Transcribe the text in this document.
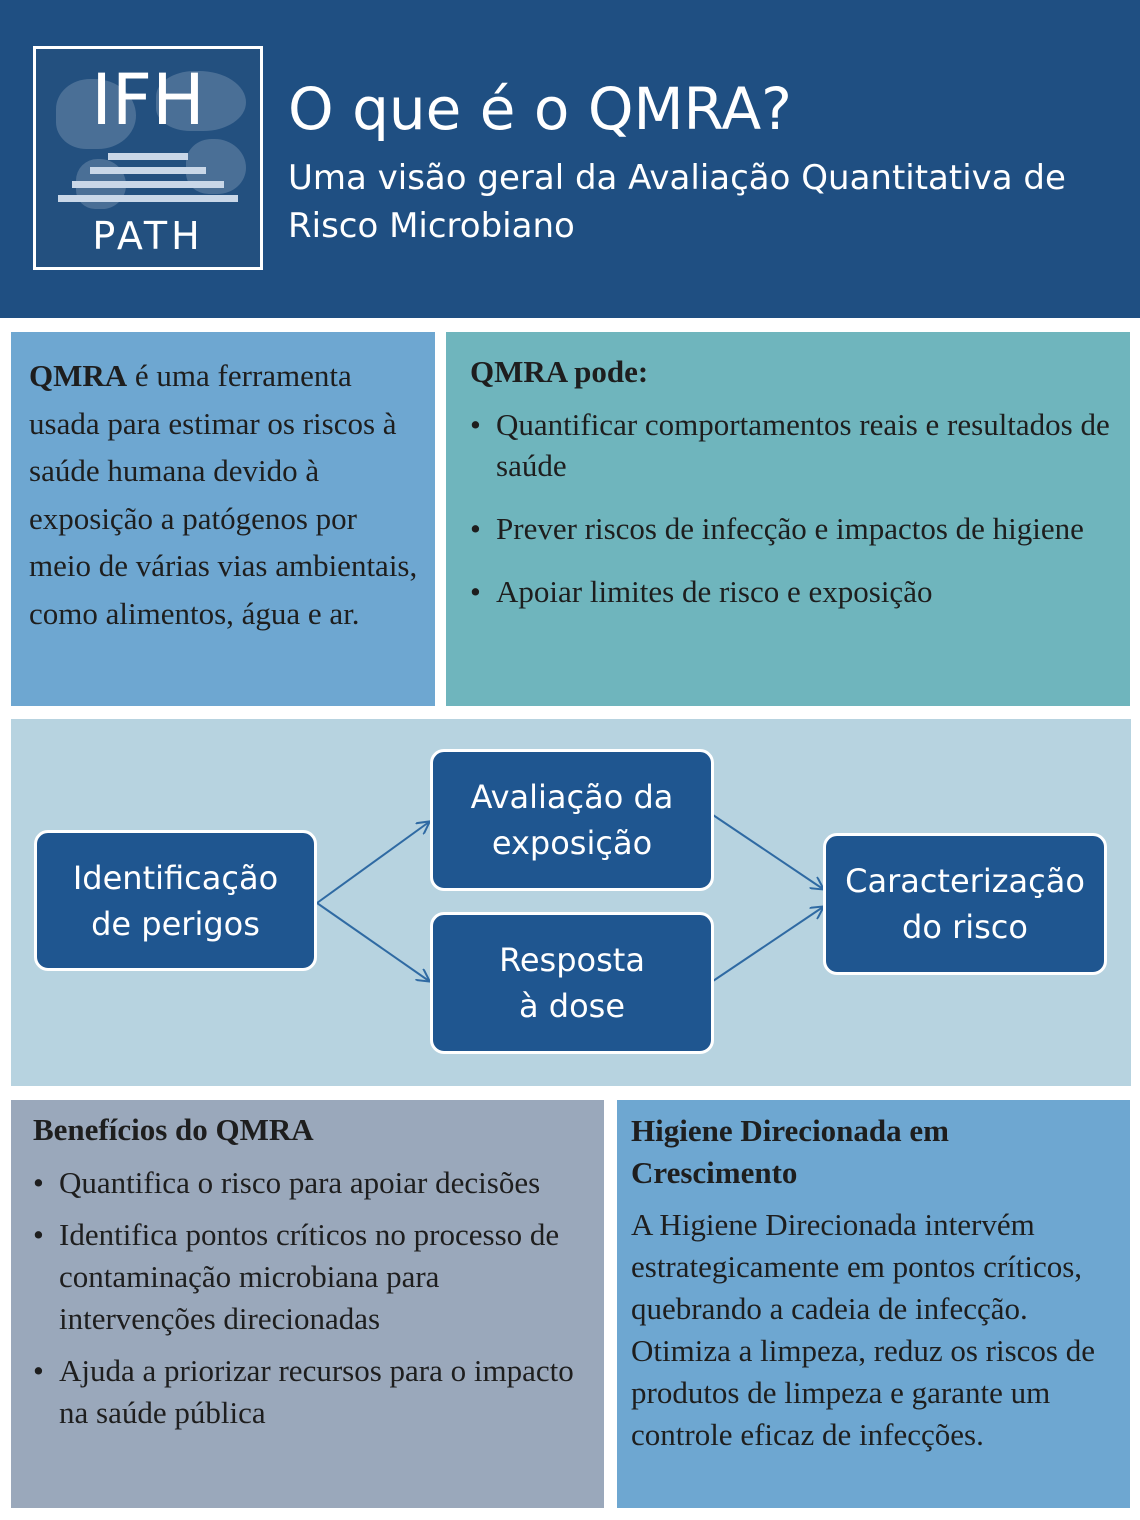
IFH
PATH
O que é o QMRA?
Uma visão geral da Avaliação Quantitativa de Risco Microbiano

QMRA é uma ferramenta usada para estimar os riscos à saúde humana devido à exposição a patógenos por meio de várias vias ambientais, como alimentos, água e ar.

QMRA pode:
• Quantificar comportamentos reais e resultados de saúde
• Prever riscos de infecção e impactos de higiene
• Apoiar limites de risco e exposição
Identificação de perigos
Avaliação da exposição
Resposta à dose
Caracterização do risco
Benefícios do QMRA
• Quantifica o risco para apoiar decisões
• Identifica pontos críticos no processo de contaminação microbiana para intervenções direcionadas
• Ajuda a priorizar recursos para o impacto na saúde pública
Higiene Direcionada em Crescimento

A Higiene Direcionada intervém estrategicamente em pontos críticos, quebrando a cadeia de infecção. Otimiza a limpeza, reduz os riscos de produtos de limpeza e garante um controle eficaz de infecções.
